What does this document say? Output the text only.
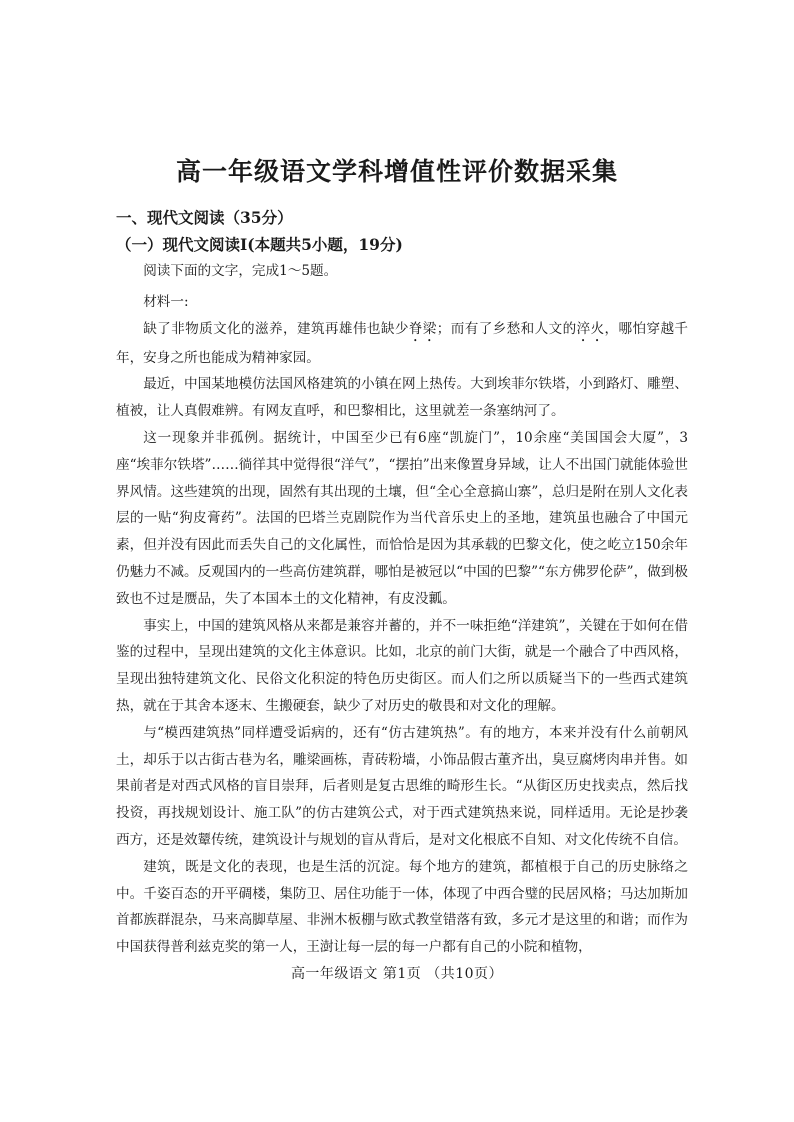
高一年级语文学科增值性评价数据采集
一、现代文阅读（35分）
（一）现代文阅读Ⅰ(本题共5小题，19分)

阅读下面的文字，完成1～5题。

材料一:

缺了非物质文化的滋养，建筑再雄伟也缺少脊梁；而有了乡愁和人文的淬火，哪怕穿越千年，安身之所也能成为精神家园。

最近，中国某地模仿法国风格建筑的小镇在网上热传。大到埃菲尔铁塔，小到路灯、雕塑、植被，让人真假难辨。有网友直呼，和巴黎相比，这里就差一条塞纳河了。

这一现象并非孤例。据统计，中国至少已有6座“凯旋门”，10余座“美国国会大厦”，3座“埃菲尔铁塔”……徜徉其中觉得很“洋气”，“摆拍”出来像置身异域，让人不出国门就能体验世界风情。这些建筑的出现，固然有其出现的土壤，但“全心全意搞山寨”，总归是附在别人文化表层的一贴“狗皮膏药”。法国的巴塔兰克剧院作为当代音乐史上的圣地，建筑虽也融合了中国元素，但并没有因此而丢失自己的文化属性，而恰恰是因为其承载的巴黎文化，使之屹立150余年仍魅力不减。反观国内的一些高仿建筑群，哪怕是被冠以“中国的巴黎”“东方佛罗伦萨”，做到极致也不过是赝品，失了本国本土的文化精神，有皮没瓤。

事实上，中国的建筑风格从来都是兼容并蓄的，并不一味拒绝“洋建筑”，关键在于如何在借鉴的过程中，呈现出建筑的文化主体意识。比如，北京的前门大街，就是一个融合了中西风格，呈现出独特建筑文化、民俗文化积淀的特色历史街区。而人们之所以质疑当下的一些西式建筑热，就在于其舍本逐末、生搬硬套，缺少了对历史的敬畏和对文化的理解。

与“模西建筑热”同样遭受诟病的，还有“仿古建筑热”。有的地方，本来并没有什么前朝风土，却乐于以古街古巷为名，雕梁画栋，青砖粉墙，小饰品假古董齐出，臭豆腐烤肉串并售。如果前者是对西式风格的盲目崇拜，后者则是复古思维的畸形生长。“从街区历史找卖点，然后找投资，再找规划设计、施工队”的仿古建筑公式，对于西式建筑热来说，同样适用。无论是抄袭西方，还是效颦传统，建筑设计与规划的盲从背后，是对文化根底不自知、对文化传统不自信。

建筑，既是文化的表现，也是生活的沉淀。每个地方的建筑，都植根于自己的历史脉络之中。千姿百态的开平碉楼，集防卫、居住功能于一体，体现了中西合璧的民居风格；马达加斯加首都族群混杂，马来高脚草屋、非洲木板棚与欧式教堂错落有致，多元才是这里的和谐；而作为中国获得普利兹克奖的第一人，王澍让每一层的每一户都有自己的小院和植物，

高一年级语文 第1页 （共10页）
